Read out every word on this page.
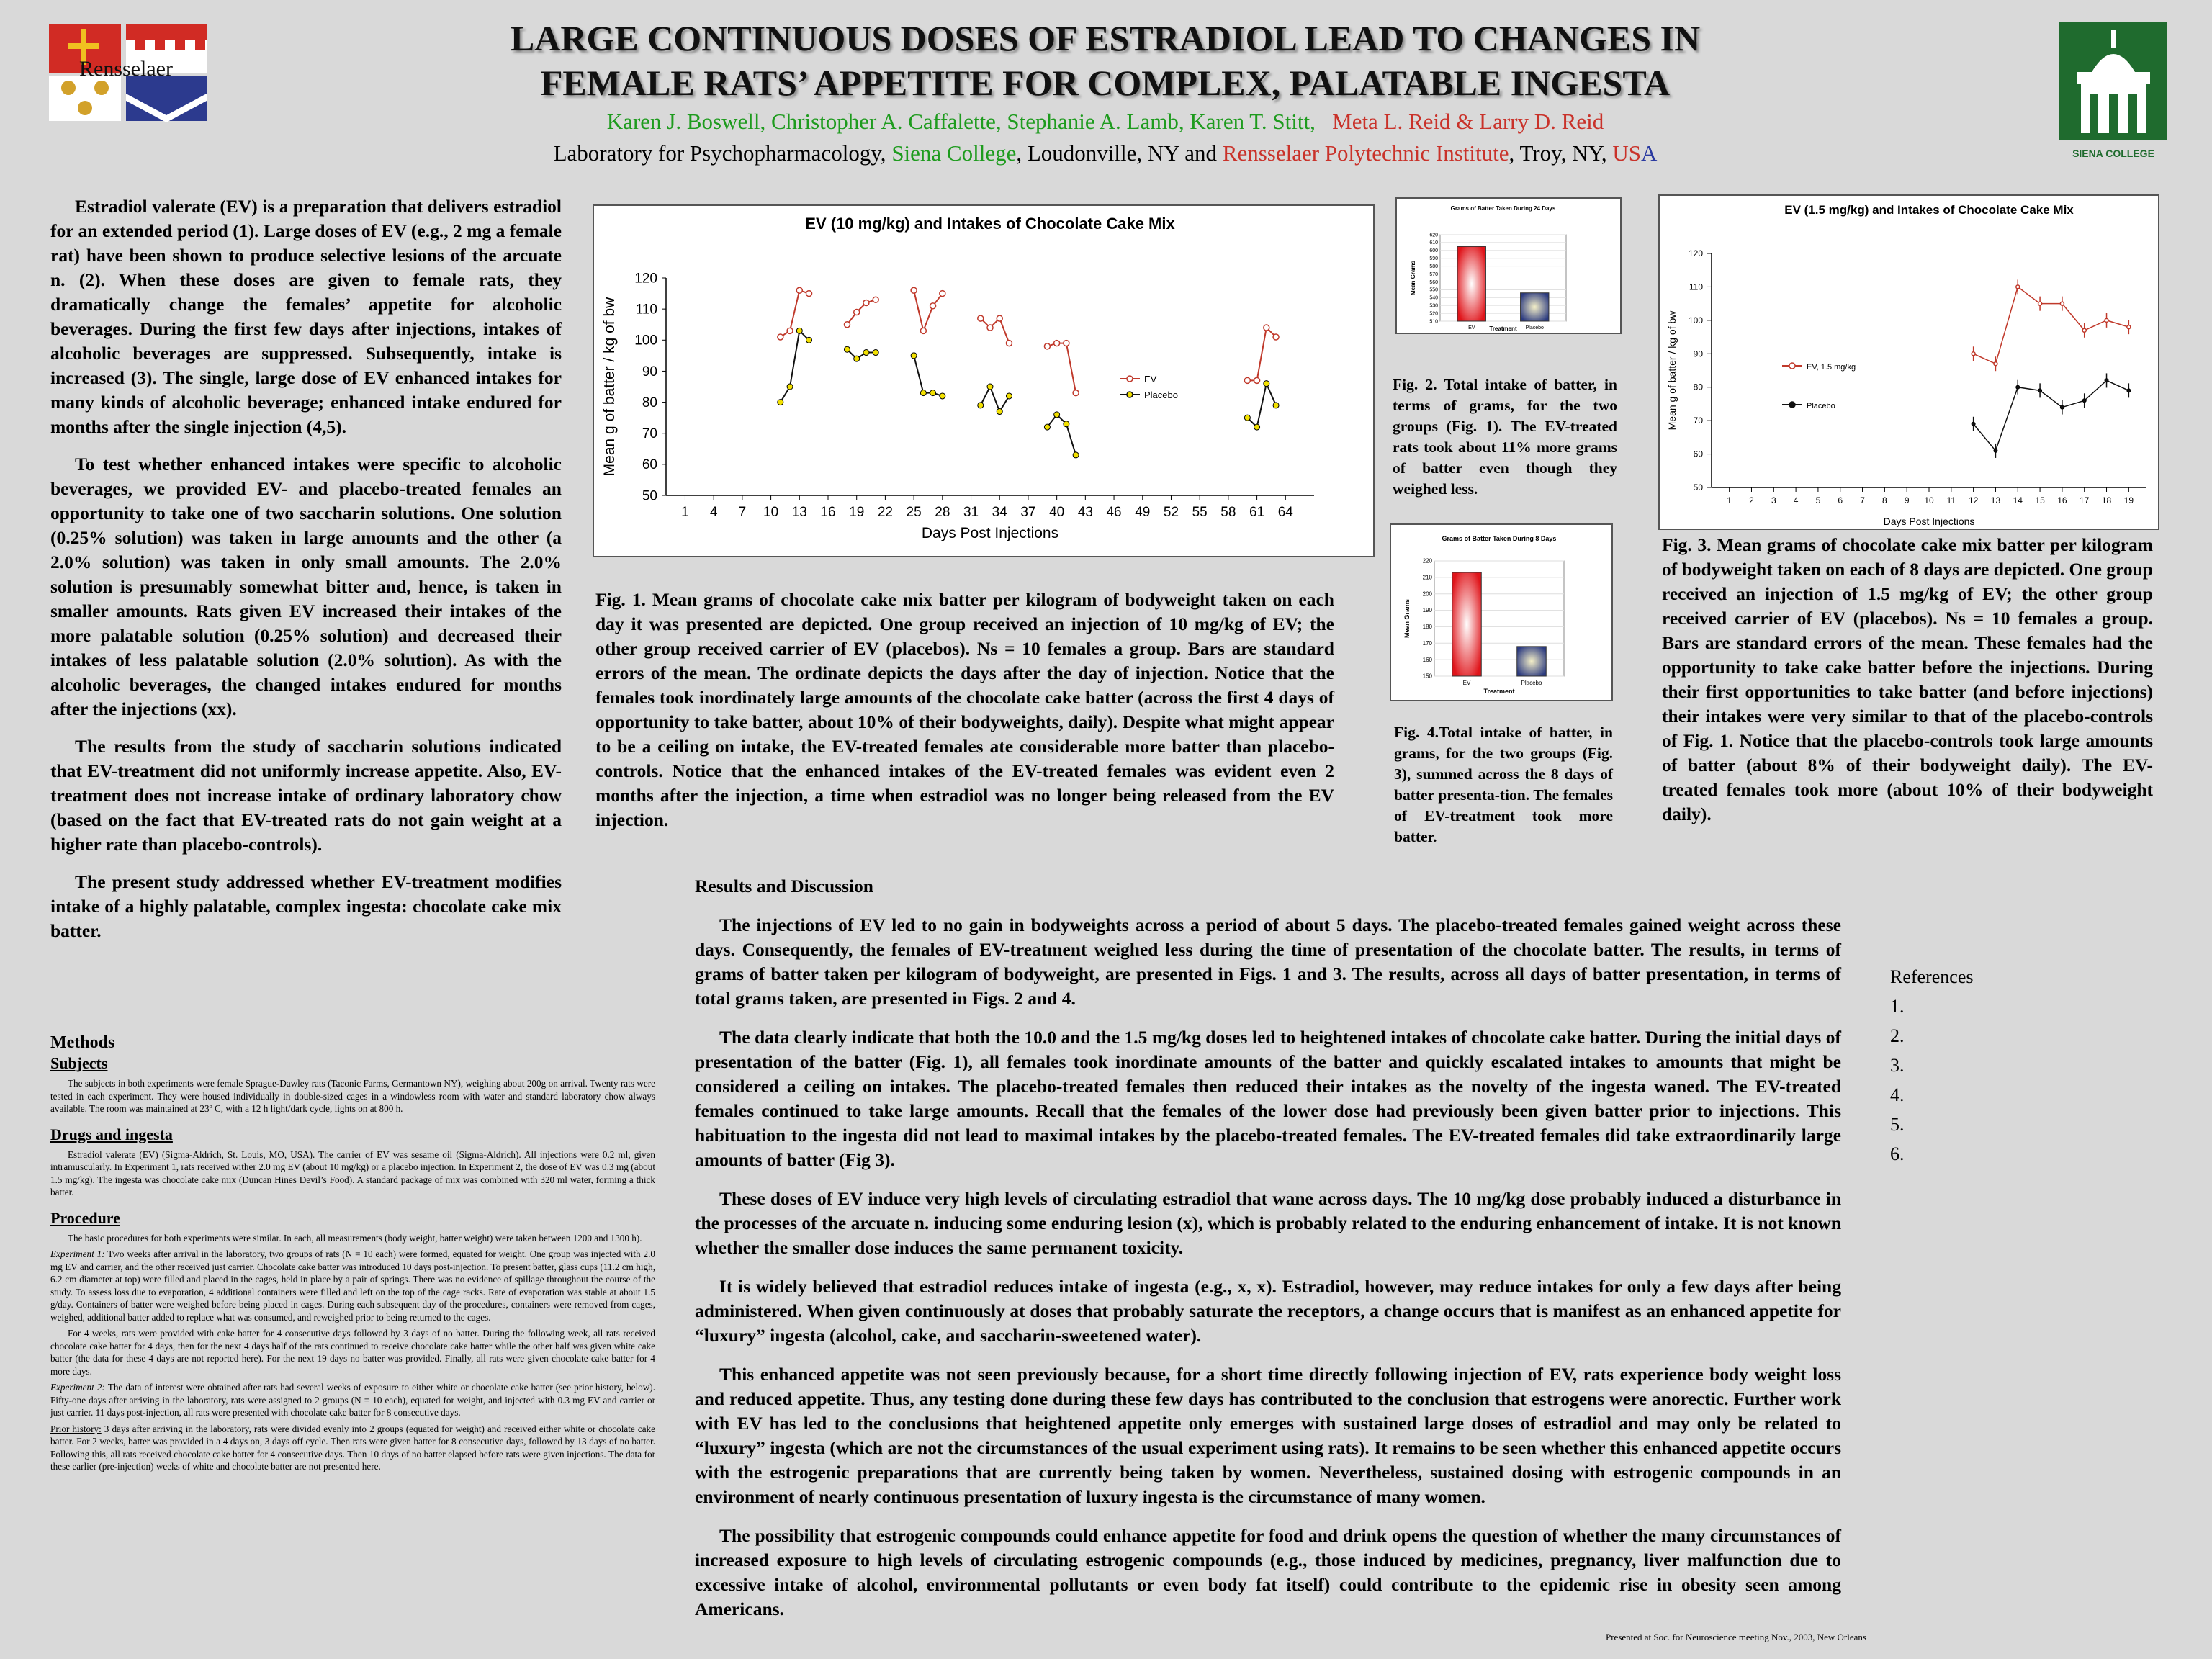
Rensselaer
SIENA COLLEGE
LARGE CONTINUOUS DOSES OF ESTRADIOL LEAD TO CHANGES IN
FEMALE RATS’ APPETITE FOR COMPLEX, PALATABLE INGESTA
Karen J. Boswell, Christopher A. Caffalette, Stephanie A. Lamb, Karen T. Stitt, Meta L. Reid & Larry D. Reid
Laboratory for Psychopharmacology, Siena College, Loudonville, NY and Rensselaer Polytechnic Institute, Troy, NY, USA

Estradiol valerate (EV) is a preparation that delivers estradiol for an extended period (1). Large doses of EV (e.g., 2 mg a female rat) have been shown to produce selective lesions of the arcuate n. (2). When these doses are given to female rats, they dramatically change the females’ appetite for alcoholic beverages. During the first few days after injections, intakes of alcoholic beverages are suppressed. Subsequently, intake is increased (3). The single, large dose of EV enhanced intakes for many kinds of alcoholic beverage; enhanced intake endured for months after the single injection (4,5).

To test whether enhanced intakes were specific to alcoholic beverages, we provided EV- and placebo-treated females an opportunity to take one of two saccharin solutions. One solution (0.25% solution) was taken in large amounts and the other (a 2.0% solution) was taken in only small amounts. The 2.0% solution is presumably somewhat bitter and, hence, is taken in smaller amounts. Rats given EV increased their intakes of the more palatable solution (0.25% solution) and decreased their intakes of less palatable solution (2.0% solution). As with the alcoholic beverages, the changed intakes endured for months after the injections (xx).

The results from the study of saccharin solutions indicated that EV-treatment did not uniformly increase appetite. Also, EV-treatment does not increase intake of ordinary laboratory chow (based on the fact that EV-treated rats do not gain weight at a higher rate than placebo-controls).

The present study addressed whether EV-treatment modifies intake of a highly palatable, complex ingesta: chocolate cake mix batter.

Methods
Subjects

The subjects in both experiments were female Sprague-Dawley rats (Taconic Farms, Germantown NY), weighing about 200g on arrival. Twenty rats were tested in each experiment. They were housed individually in double-sized cages in a windowless room with water and standard laboratory chow always available. The room was maintained at 23º C, with a 12 h light/dark cycle, lights on at 800 h.

Drugs and ingesta

Estradiol valerate (EV) (Sigma-Aldrich, St. Louis, MO, USA). The carrier of EV was sesame oil (Sigma-Aldrich). All injections were 0.2 ml, given intramuscularly. In Experiment 1, rats received wither 2.0 mg EV (about 10 mg/kg) or a placebo injection. In Experiment 2, the dose of EV was 0.3 mg (about 1.5 mg/kg). The ingesta was chocolate cake mix (Duncan Hines Devil’s Food). A standard package of mix was combined with 320 ml water, forming a thick batter.

Procedure

The basic procedures for both experiments were similar. In each, all measurements (body weight, batter weight) were taken between 1200 and 1300 h).

Experiment 1: Two weeks after arrival in the laboratory, two groups of rats (N = 10 each) were formed, equated for weight. One group was injected with 2.0 mg EV and carrier, and the other received just carrier. Chocolate cake batter was introduced 10 days post-injection. To present batter, glass cups (11.2 cm high, 6.2 cm diameter at top) were filled and placed in the cages, held in place by a pair of springs. There was no evidence of spillage throughout the course of the study. To assess loss due to evaporation, 4 additional containers were filled and left on the top of the cage racks. Rate of evaporation was stable at about 1.5 g/day. Containers of batter were weighed before being placed in cages. During each subsequent day of the procedures, containers were removed from cages, weighed, additional batter added to replace what was consumed, and reweighed prior to being returned to the cages.

For 4 weeks, rats were provided with cake batter for 4 consecutive days followed by 3 days of no batter. During the following week, all rats received chocolate cake batter for 4 days, then for the next 4 days half of the rats continued to receive chocolate cake batter while the other half was given white cake batter (the data for these 4 days are not reported here). For the next 19 days no batter was provided. Finally, all rats were given chocolate cake batter for 4 more days.

Experiment 2: The data of interest were obtained after rats had several weeks of exposure to either white or chocolate cake batter (see prior history, below). Fifty-one days after arriving in the laboratory, rats were assigned to 2 groups (N = 10 each), equated for weight, and injected with 0.3 mg EV and carrier or just carrier. 11 days post-injection, all rats were presented with chocolate cake batter for 8 consecutive days.

Prior history: 3 days after arriving in the laboratory, rats were divided evenly into 2 groups (equated for weight) and received either white or chocolate cake batter. For 2 weeks, batter was provided in a 4 days on, 3 days off cycle. Then rats were given batter for 8 consecutive days, followed by 13 days of no batter. Following this, all rats received chocolate cake batter for 4 consecutive days. Then 10 days of no batter elapsed before rats were given injections. The data for these earlier (pre-injection) weeks of white and chocolate batter are not presented here.

EV (10 mg/kg) and Intakes of Chocolate Cake Mix
50
60
70
80
90
100
110
120
1 4 7 10 13 16 19 22 25 28 31 34 37 40 43 46 49 52 55 58 61 64
Days Post Injections
Mean g of batter / kg of bw	EV
Placebo
Fig. 1. Mean grams of chocolate cake mix batter per kilogram of bodyweight taken on each day it was presented are depicted. One group received an injection of 10 mg/kg of EV; the other group received carrier of EV (placebos). Ns = 10 females a group. Bars are standard errors of the mean. The ordinate depicts the days after the day of injection. Notice that the females took inordinately large amounts of the chocolate cake batter (across the first 4 days of opportunity to take batter, about 10% of their bodyweights, daily). Despite what might appear to be a ceiling on intake, the EV-treated females ate considerable more batter than placebo-controls. Notice that the enhanced intakes of the EV-treated females was evident even 2 months after the injection, a time when estradiol was no longer being released from the EV injection.
Grams of Batter Taken During 24 Days
510
520
530
540
550
560
570
580
590
600
610
620
EV	Placebo
Treatment
Mean Grams
Fig. 2. Total intake of batter, in terms of grams, for the two groups (Fig. 1). The EV-treated rats took about 11% more grams of batter even though they weighed less.
Grams of Batter Taken During 8 Days
150
160
170
180
190
200
210
220
EV	Placebo
Treatment
Mean Grams
Fig. 4.Total intake of batter, in grams, for the two groups (Fig. 3), summed across the 8 days of batter presenta-tion. The females of EV-treatment took more batter.
EV (1.5 mg/kg) and Intakes of Chocolate Cake Mix
50
60
70
80
90
100
110
120
1 2 3 4 5 6 7 8 9 10 11 12 13 14 15 16 17 18 19
Days Post Injections
Mean g of batter / kg of bw	EV, 1.5 mg/kg
Placebo
Fig. 3. Mean grams of chocolate cake mix batter per kilogram of bodyweight taken on each of 8 days are depicted. One group received an injection of 1.5 mg/kg of EV; the other group received carrier of EV (placebos). Ns = 10 females a group. Bars are standard errors of the mean. These females had the opportunity to take cake batter before the injections. During their first opportunities to take batter (and before injections) their intakes were very similar to that of the placebo-controls of Fig. 1. Notice that the placebo-controls took large amounts of batter (about 8% of their bodyweight daily). The EV-treated females took more (about 10% of their bodyweight daily).
Results and Discussion

The injections of EV led to no gain in bodyweights across a period of about 5 days. The placebo-treated females gained weight across these days. Consequently, the females of EV-treatment weighed less during the time of presentation of the chocolate batter. The results, in terms of grams of batter taken per kilogram of bodyweight, are presented in Figs. 1 and 3. The results, across all days of batter presentation, in terms of total grams taken, are presented in Figs. 2 and 4.

The data clearly indicate that both the 10.0 and the 1.5 mg/kg doses led to heightened intakes of chocolate cake batter. During the initial days of presentation of the batter (Fig. 1), all females took inordinate amounts of the batter and quickly escalated intakes to amounts that might be considered a ceiling on intakes. The placebo-treated females then reduced their intakes as the novelty of the ingesta waned. The EV-treated females continued to take large amounts. Recall that the females of the lower dose had previously been given batter prior to injections. This habituation to the ingesta did not lead to maximal intakes by the placebo-treated females. The EV-treated females did take extraordinarily large amounts of batter (Fig 3).

These doses of EV induce very high levels of circulating estradiol that wane across days. The 10 mg/kg dose probably induced a disturbance in the processes of the arcuate n. inducing some enduring lesion (x), which is probably related to the enduring enhancement of intake. It is not known whether the smaller dose induces the same permanent toxicity.

It is widely believed that estradiol reduces intake of ingesta (e.g., x, x). Estradiol, however, may reduce intakes for only a few days after being administered. When given continuously at doses that probably saturate the receptors, a change occurs that is manifest as an enhanced appetite for “luxury” ingesta (alcohol, cake, and saccharin-sweetened water).

This enhanced appetite was not seen previously because, for a short time directly following injection of EV, rats experience body weight loss and reduced appetite. Thus, any testing done during these few days has contributed to the conclusion that estrogens were anorectic. Further work with EV has led to the conclusions that heightened appetite only emerges with sustained large doses of estradiol and may only be related to “luxury” ingesta (which are not the circumstances of the usual experiment using rats). It remains to be seen whether this enhanced appetite occurs with the estrogenic preparations that are currently being taken by women. Nevertheless, sustained dosing with estrogenic compounds in an environment of nearly continuous presentation of luxury ingesta is the circumstance of many women.

The possibility that estrogenic compounds could enhance appetite for food and drink opens the question of whether the many circumstances of increased exposure to high levels of circulating estrogenic compounds (e.g., those induced by medicines, pregnancy, liver malfunction due to excessive intake of alcohol, environmental pollutants or even body fat itself) could contribute to the epidemic rise in obesity seen among Americans.

References
1.
2.
3.
4.
5.
6.
Presented at Soc. for Neuroscience meeting Nov., 2003, New Orleans
